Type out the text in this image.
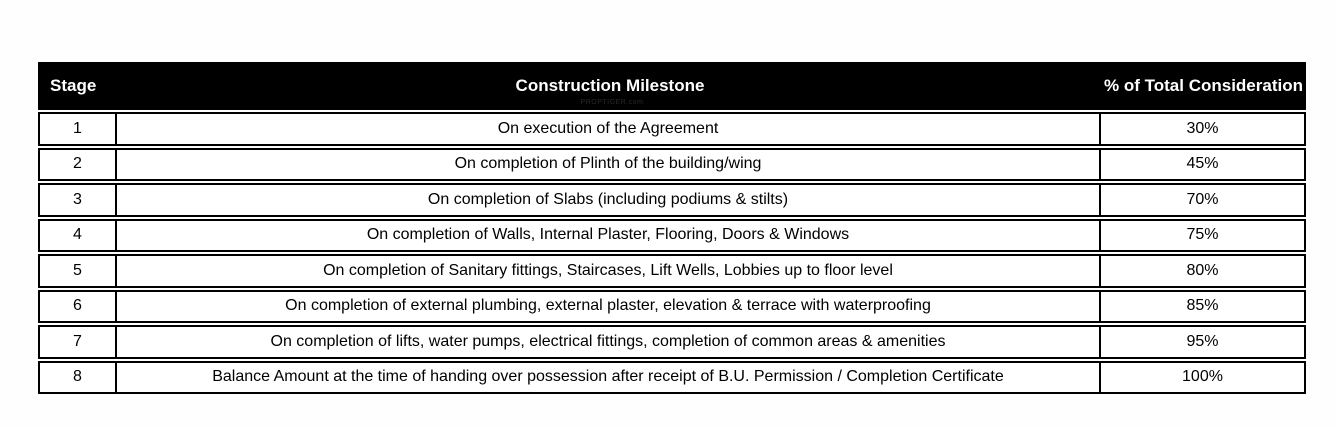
Stage	Construction Milestone	% of Total Consideration
PROPTIGER.com
1	On execution of the Agreement	30%
2	On completion of Plinth of the building/wing	45%
3	On completion of Slabs (including podiums & stilts)	70%
4	On completion of Walls, Internal Plaster, Flooring, Doors & Windows	75%
5	On completion of Sanitary fittings, Staircases, Lift Wells, Lobbies up to floor level	80%
6	On completion of external plumbing, external plaster, elevation & terrace with waterproofing	85%
7	On completion of lifts, water pumps, electrical fittings, completion of common areas & amenities	95%
8	Balance Amount at the time of handing over possession after receipt of B.U. Permission / Completion Certificate	100%
